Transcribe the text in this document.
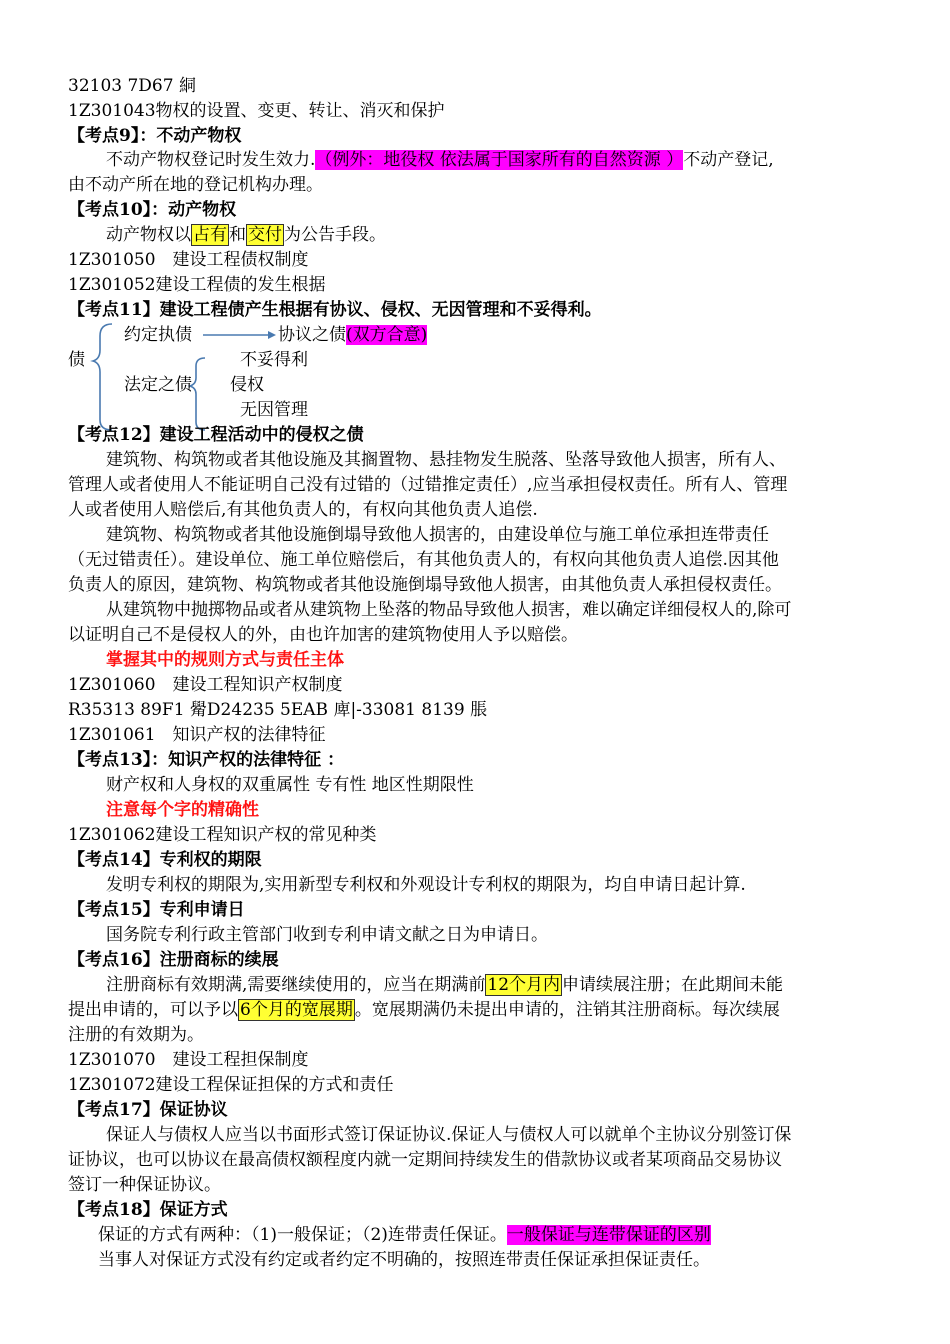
32103 7D67 絧
1Z301043物权的设置、变更、转让、消灭和保护
【考点9】：不动产物权
不动产物权登记时发生效力.（例外：地役权 依法属于国家所有的自然资源 ）不动产登记,
由不动产所在地的登记机构办理。
【考点10】：动产物权
动产物权以 占有 和 交付 为公告手段。
1Z301050　建设工程债权制度
1Z301052建设工程债的发生根据
【考点11】建设工程债产生根据有协议、侵权、无因管理和不妥得利。
约定执债	协议之债(双方合意)
债	不妥得利
法定之债 侵权
无因管理
【考点12】建设工程活动中的侵权之债
建筑物、构筑物或者其他设施及其搁置物、悬挂物发生脱落、坠落导致他人损害，所有人、
管理人或者使用人不能证明自己没有过错的（过错推定责任）,应当承担侵权责任。所有人、管理
人或者使用人赔偿后,有其他负责人的，有权向其他负责人追偿.
建筑物、构筑物或者其他设施倒塌导致他人损害的，由建设单位与施工单位承担连带责任
（无过错责任）。建设单位、施工单位赔偿后，有其他负责人的，有权向其他负责人追偿.因其他
负责人的原因，建筑物、构筑物或者其他设施倒塌导致他人损害，由其他负责人承担侵权责任。
从建筑物中抛掷物品或者从建筑物上坠落的物品导致他人损害，难以确定详细侵权人的,除可
以证明自己不是侵权人的外，由也许加害的建筑物使用人予以赔偿。
掌握其中的规则方式与责任主体
1Z301060　建设工程知识产权制度
R35313 89F1 觷D24235 5EAB 庳|-33081 8139 脹
1Z301061　知识产权的法律特征
【考点13】：知识产权的法律特征 ：
财产权和人身权的双重属性 专有性 地区性期限性
注意每个字的精确性
1Z301062建设工程知识产权的常见种类
【考点14】专利权的期限
发明专利权的期限为,实用新型专利权和外观设计专利权的期限为，均自申请日起计算.
【考点15】专利申请日
国务院专利行政主管部门收到专利申请文献之日为申请日。
【考点16】注册商标的续展
注册商标有效期满,需要继续使用的，应当在期满前 12个月内 申请续展注册；在此期间未能
提出申请的，可以予以 6个月的宽展期 。宽展期满仍未提出申请的，注销其注册商标。每次续展
注册的有效期为。
1Z301070　建设工程担保制度
1Z301072建设工程保证担保的方式和责任
【考点17】保证协议
保证人与债权人应当以书面形式签订保证协议.保证人与债权人可以就单个主协议分别签订保
证协议，也可以协议在最高债权额程度内就一定期间持续发生的借款协议或者某项商品交易协议
签订一种保证协议。
【考点18】保证方式
保证的方式有两种：（1)一般保证；（2)连带责任保证。一般保证与连带保证的区别
当事人对保证方式没有约定或者约定不明确的，按照连带责任保证承担保证责任。
